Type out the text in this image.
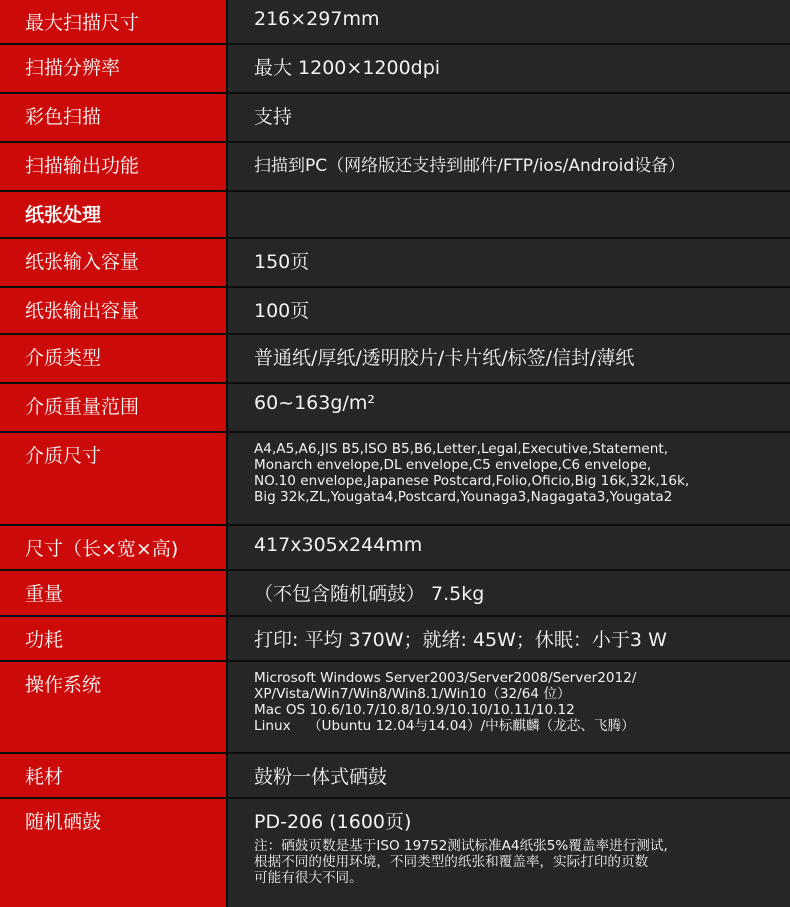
最大扫描尺寸	216×297mm
扫描分辨率	最大 1200×1200dpi
彩色扫描	支持
扫描输出功能	扫描到PC（网络版还支持到邮件/FTP/ios/Android设备）
纸张处理
纸张输入容量	150页
纸张输出容量	100页
介质类型	普通纸/厚纸/透明胶片/卡片纸/标签/信封/薄纸
介质重量范围	60~163g/m²
介质尺寸	A4,A5,A6,JIS B5,ISO B5,B6,Letter,Legal,Executive,Statement,
Monarch envelope,DL envelope,C5 envelope,C6 envelope,
NO.10 envelope,Japanese Postcard,Folio,Oficio,Big 16k,32k,16k,
Big 32k,ZL,Yougata4,Postcard,Younaga3,Nagagata3,Yougata2
尺寸（长×宽×高)	417x305x244mm
重量	（不包含随机硒鼓） 7.5kg
功耗	打印: 平均 370W；就绪: 45W；休眠：小于3 W
操作系统	Microsoft Windows Server2003/Server2008/Server2012/
XP/Vista/Win7/Win8/Win8.1/Win10（32/64 位）
Mac OS 10.6/10.7/10.8/10.9/10.10/10.11/10.12
Linux    （Ubuntu 12.04与14.04）/中标麒麟（龙芯、飞腾）
耗材	鼓粉一体式硒鼓
随机硒鼓	PD-206 (1600页)
注：硒鼓页数是基于ISO 19752测试标准A4纸张5%覆盖率进行测试,
根据不同的使用环境，不同类型的纸张和覆盖率，实际打印的页数
可能有很大不同。
